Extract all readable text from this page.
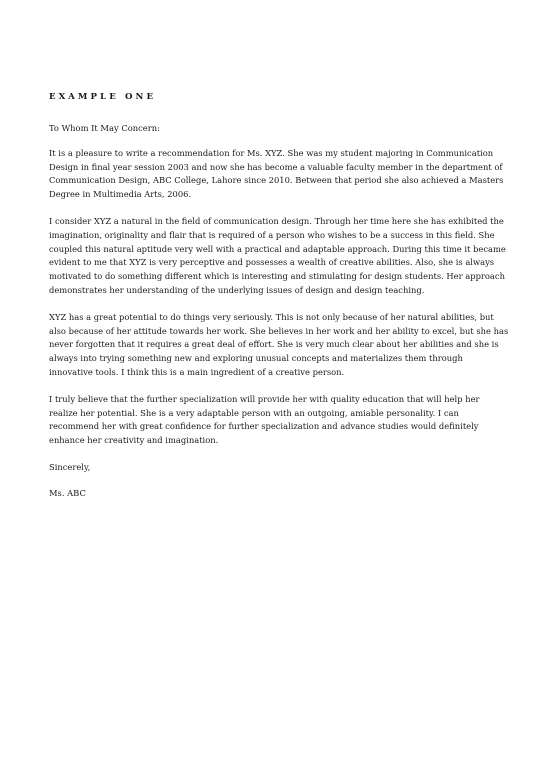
EXAMPLE ONE

To Whom It May Concern:

It is a pleasure to write a recommendation for Ms. XYZ. She was my student majoring in Communication
Design in final year session 2003 and now she has become a valuable faculty member in the department of
Communication Design, ABC College, Lahore since 2010. Between that period she also achieved a Masters
Degree in Multimedia Arts, 2006.

I consider XYZ a natural in the field of communication design. Through her time here she has exhibited the
imagination, originality and flair that is required of a person who wishes to be a success in this field. She
coupled this natural aptitude very well with a practical and adaptable approach. During this time it became
evident to me that XYZ is very perceptive and possesses a wealth of creative abilities. Also, she is always
motivated to do something different which is interesting and stimulating for design students. Her approach
demonstrates her understanding of the underlying issues of design and design teaching.

XYZ has a great potential to do things very seriously. This is not only because of her natural abilities, but
also because of her attitude towards her work. She believes in her work and her ability to excel, but she has
never forgotten that it requires a great deal of effort. She is very much clear about her abilities and she is
always into trying something new and exploring unusual concepts and materializes them through
innovative tools. I think this is a main ingredient of a creative person.

I truly believe that the further specialization will provide her with quality education that will help her
realize her potential. She is a very adaptable person with an outgoing, amiable personality. I can
recommend her with great confidence for further specialization and advance studies would definitely
enhance her creativity and imagination.

Sincerely,

Ms. ABC
